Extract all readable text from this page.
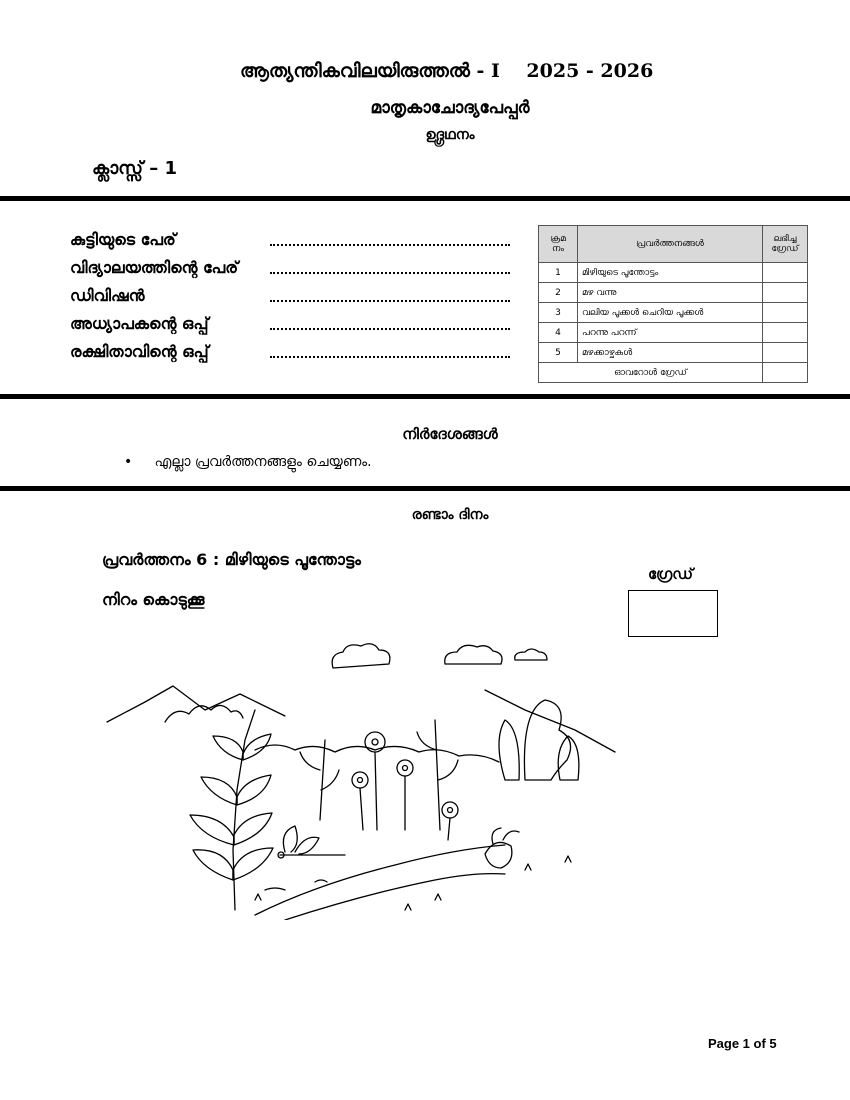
ആത്യന്തികവിലയിരുത്തൽ - I 2025 - 2026
മാതൃകാചോദ്യപേപ്പർ
ഉദ്ഗ്രഥനം
ക്ലാസ്സ് – 1
കുട്ടിയുടെ പേര്
വിദ്യാലയത്തിന്റെ പേര്
ഡിവിഷൻ
അധ്യാപകന്റെ ഒപ്പ്
രക്ഷിതാവിന്റെ ഒപ്പ്
ക്രമ നം	പ്രവർത്തനങ്ങൾ	ലഭിച്ച ഗ്രേഡ്
1	മിഴിയുടെ പൂന്തോട്ടം	
2	മഴ വന്നു	
3	വലിയ പൂക്കൾ ചെറിയ പൂക്കൾ	
4	പറന്നു പറന്ന്	
5	മഴക്കാഴ്ചകൾ	
ഓവറോൾ ഗ്രേഡ്		
നിർദേശങ്ങൾ
•     എല്ലാ പ്രവർത്തനങ്ങളും ചെയ്യണം.
രണ്ടാം ദിനം
പ്രവർത്തനം 6 : മിഴിയുടെ പൂന്തോട്ടം
നിറം കൊടുക്കൂ
ഗ്രേഡ്
Page 1 of 5
